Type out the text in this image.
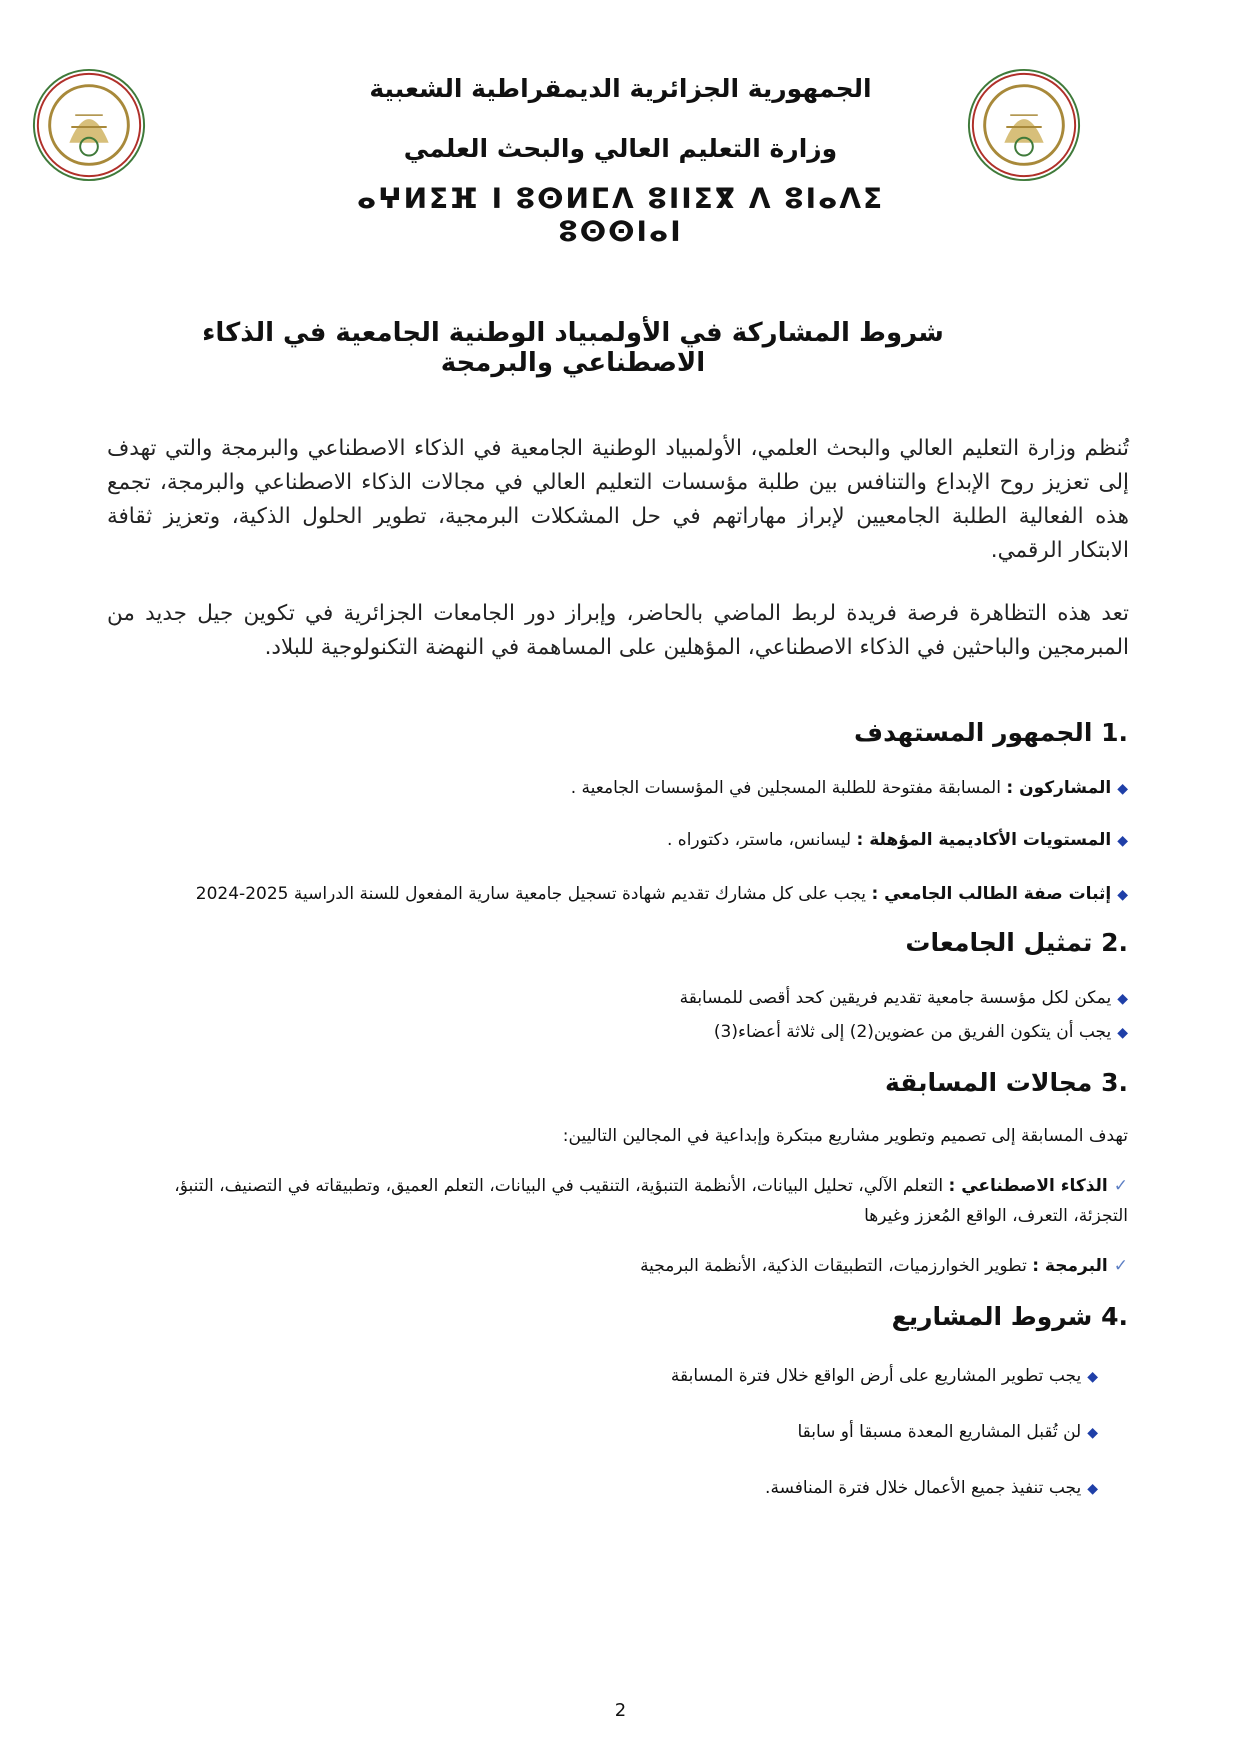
الجمهورية الجزائرية الديمقراطية الشعبية
وزارة التعليم العالي والبحث العلمي
ⴰⵖⵍⵉⴼ ⵏ ⵓⵙⵍⵎⴷ ⵓⵏⵏⵉⴳ ⴷ ⵓⵏⴰⴷⵉ ⵓⵙⵙⵏⴰⵏ
شروط المشاركة في الأولمبياد الوطنية الجامعية في الذكاء الاصطناعي والبرمجة
تُنظم وزارة التعليم العالي والبحث العلمي، الأولمبياد الوطنية الجامعية في الذكاء الاصطناعي والبرمجة والتي تهدف إلى تعزيز روح الإبداع والتنافس بين طلبة مؤسسات التعليم العالي في مجالات الذكاء الاصطناعي والبرمجة، تجمع هذه الفعالية الطلبة الجامعيين لإبراز مهاراتهم في حل المشكلات البرمجية، تطوير الحلول الذكية، وتعزيز ثقافة الابتكار الرقمي.
تعد هذه التظاهرة فرصة فريدة لربط الماضي بالحاضر، وإبراز دور الجامعات الجزائرية في تكوين جيل جديد من المبرمجين والباحثين في الذكاء الاصطناعي، المؤهلين على المساهمة في النهضة التكنولوجية للبلاد.
.1 الجمهور المستهدف
◆المشاركون : المسابقة مفتوحة للطلبة المسجلين في المؤسسات الجامعية .
◆المستويات الأكاديمية المؤهلة : ليسانس، ماستر، دكتوراه .
◆إثبات صفة الطالب الجامعي : يجب على كل مشارك تقديم شهادة تسجيل جامعية سارية المفعول للسنة الدراسية 2025-2024
.2 تمثيل الجامعات
◆يمكن لكل مؤسسة جامعية تقديم فريقين كحد أقصى للمسابقة
◆يجب أن يتكون الفريق من عضوين(2) إلى ثلاثة أعضاء(3)
.3 مجالات المسابقة
تهدف المسابقة إلى تصميم وتطوير مشاريع مبتكرة وإبداعية في المجالين التاليين:
✓الذكاء الاصطناعي : التعلم الآلي، تحليل البيانات، الأنظمة التنبؤية، التنقيب في البيانات، التعلم العميق، وتطبيقاته في التصنيف، التنبؤ،
التجزئة، التعرف، الواقع المُعزز وغيرها
✓البرمجة : تطوير الخوارزميات، التطبيقات الذكية، الأنظمة البرمجية
.4 شروط المشاريع
◆يجب تطوير المشاريع على أرض الواقع خلال فترة المسابقة
◆لن تُقبل المشاريع المعدة مسبقا أو سابقا
◆يجب تنفيذ جميع الأعمال خلال فترة المنافسة.
2
